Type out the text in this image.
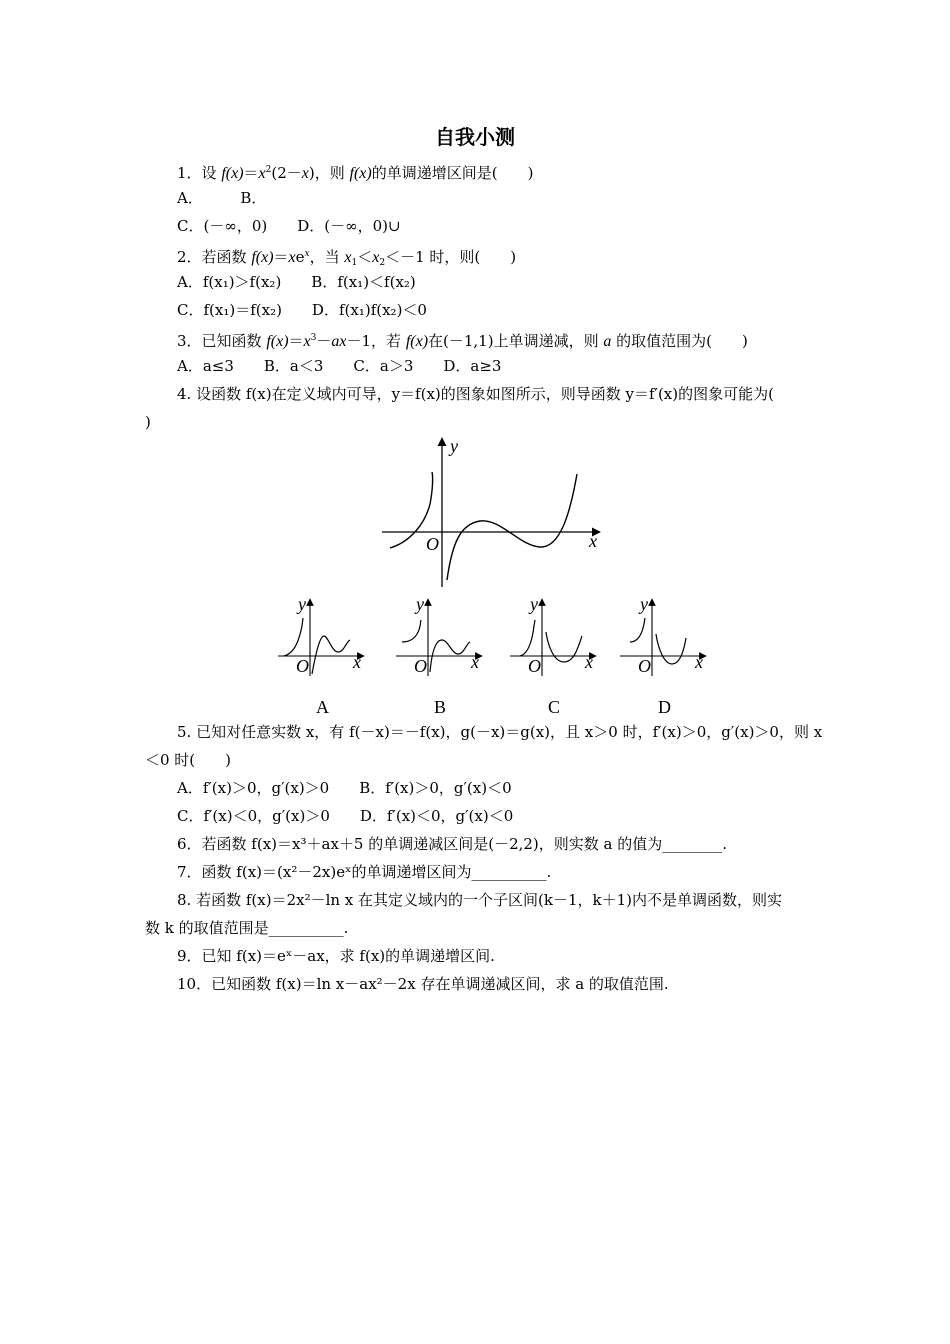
自我小测
1．设 $f(x)=x^2(2-x)$，则 f(x)的单调递增区间是(　　)
A．　　　B．
C．(－∞，0)　　D．(－∞，0)∪
2．若函数 $f(x)=xe^x$，当 $x_1<x_2<-1$ 时，则(　　)
A．f(x₁)＞f(x₂)　　B．f(x₁)＜f(x₂)
C．f(x₁)＝f(x₂)　　D．f(x₁)f(x₂)＜0
3．已知函数 $f(x)=x^3-ax-1$，若 f(x)在(－1,1)上单调递减，则 a 的取值范围为(　　)
A．a≤3　　B．a＜3　　C．a＞3　　D．a≥3
4. 设函数 f(x)在定义域内可导，y＝f(x)的图象如图所示，则导函数 y＝f′(x)的图象可能为(
)
y
x
O
y
x
O
A
y
x
O
B
y
x
O
C
y
x
O
D
5. 已知对任意实数 x，有 f(－x)＝－f(x)，g(－x)＝g(x)，且 x＞0 时，f′(x)＞0，g′(x)＞0，则 x
＜0 时(　　)
A．f′(x)＞0，g′(x)＞0　　B．f′(x)＞0，g′(x)＜0
C．f′(x)＜0，g′(x)＞0　　D．f′(x)＜0，g′(x)＜0
6．若函数 f(x)＝x³＋ax＋5 的单调递减区间是(－2,2)，则实数 a 的值为________.
7．函数 f(x)＝(x²－2x)eˣ的单调递增区间为__________.
8. 若函数 f(x)＝2x²－ln x 在其定义域内的一个子区间(k－1，k＋1)内不是单调函数，则实
数 k 的取值范围是__________.
9．已知 f(x)＝eˣ－ax，求 f(x)的单调递增区间.
10．已知函数 f(x)＝ln x－ax²－2x 存在单调递减区间，求 a 的取值范围.
